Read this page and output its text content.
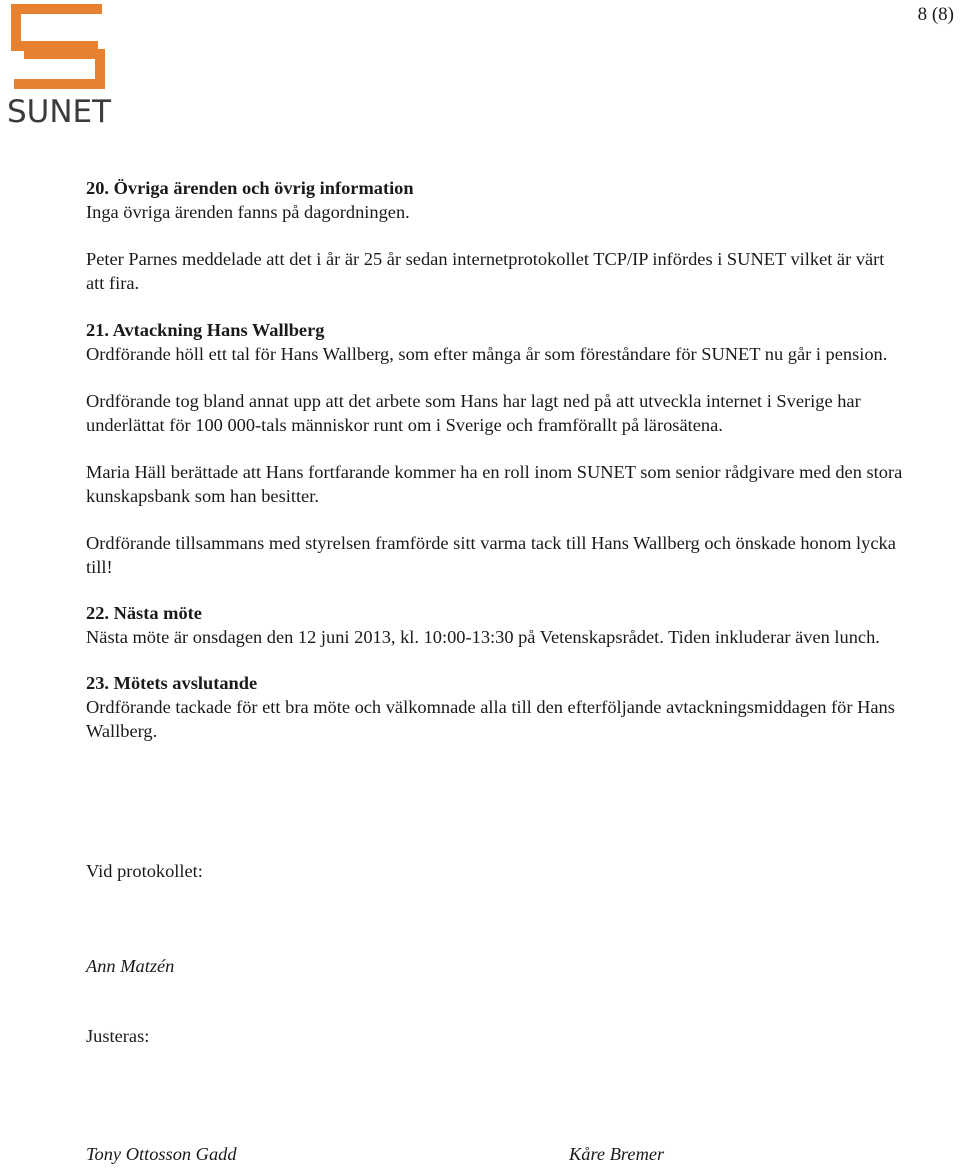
8 (8)
SUNET

20. Övriga ärenden och övrig information

Inga övriga ärenden fanns på dagordningen.

Peter Parnes meddelade att det i år är 25 år sedan internetprotokollet TCP/IP infördes i SUNET vilket är värt att fira.

21. Avtackning Hans Wallberg

Ordförande höll ett tal för Hans Wallberg, som efter många år som föreståndare för SUNET nu går i pension.

Ordförande tog bland annat upp att det arbete som Hans har lagt ned på att utveckla internet i Sverige har underlättat för 100 000-tals människor runt om i Sverige och framförallt på lärosätena.

Maria Häll berättade att Hans fortfarande kommer ha en roll inom SUNET som senior rådgivare med den stora kunskapsbank som han besitter.

Ordförande tillsammans med styrelsen framförde sitt varma tack till Hans Wallberg och önskade honom lycka till!

22. Nästa möte

Nästa möte är onsdagen den 12 juni 2013, kl. 10:00-13:30 på Vetenskapsrådet. Tiden inkluderar även lunch.

23. Mötets avslutande

Ordförande tackade för ett bra möte och välkomnade alla till den efterföljande avtackningsmiddagen för Hans Wallberg.

Vid protokollet:
Ann Matzén
Justeras:
Tony Ottosson Gadd	Kåre Bremer
